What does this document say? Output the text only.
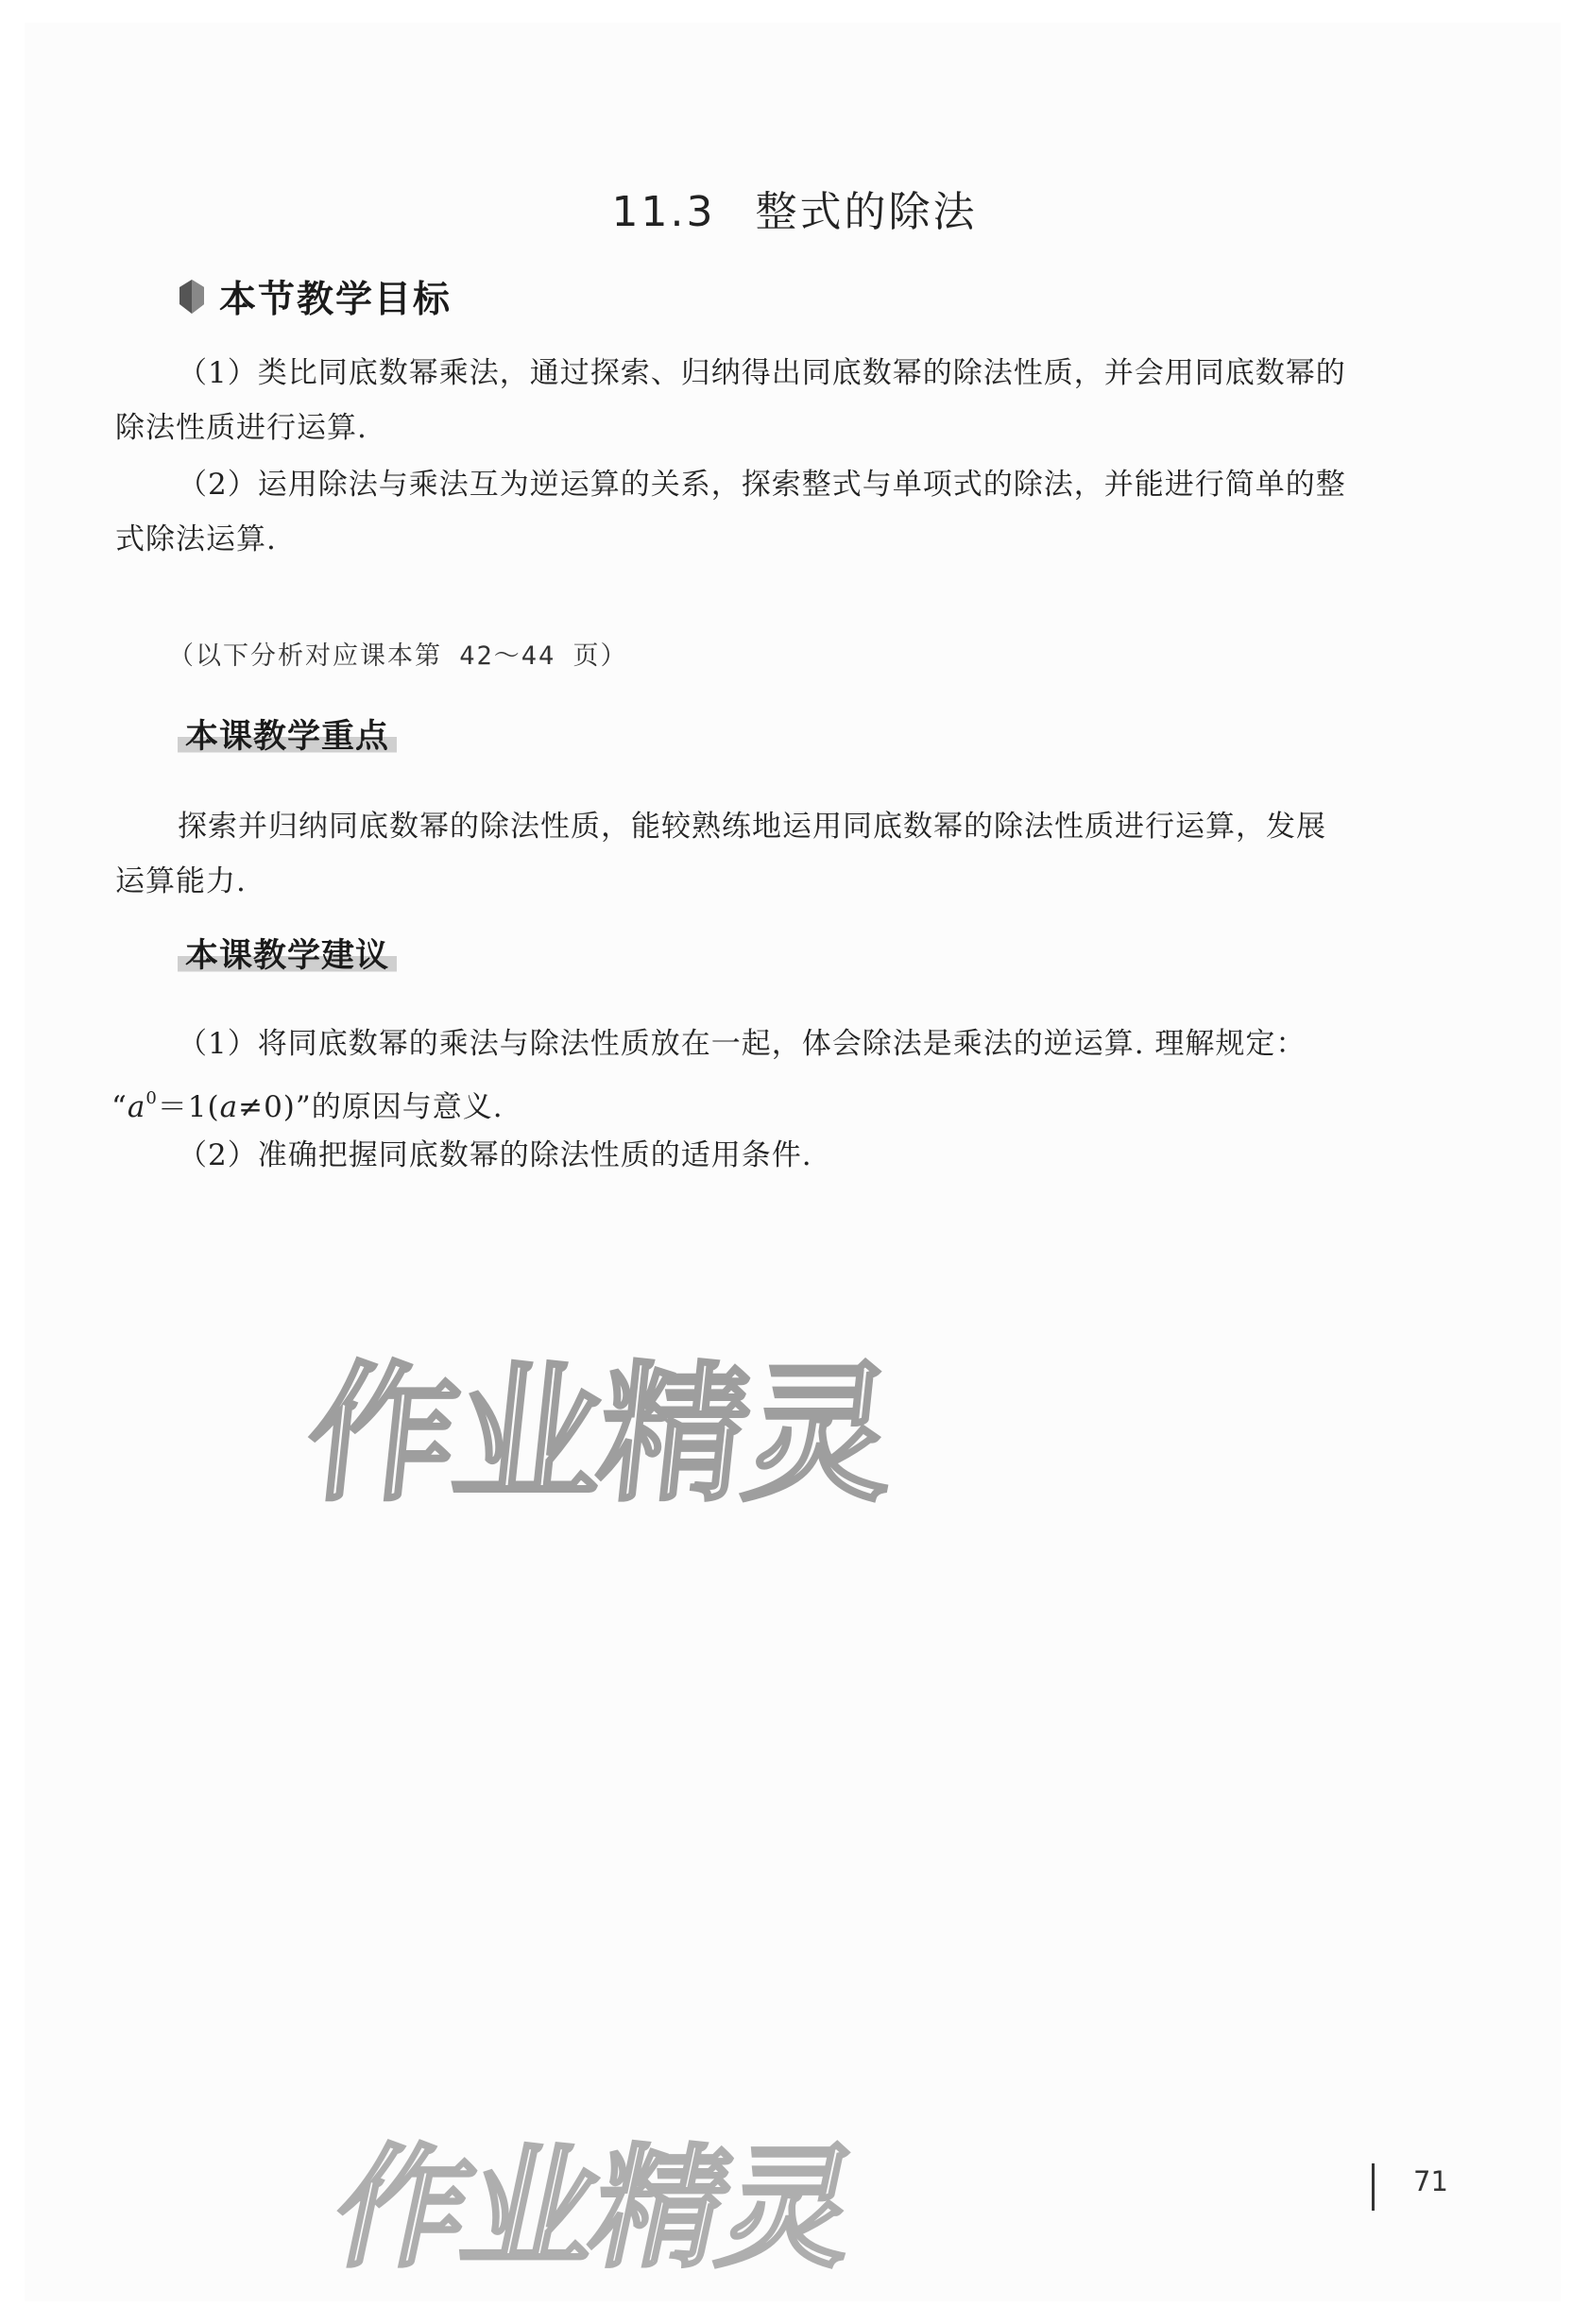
11.3 整式的除法
本节教学目标
（1）类比同底数幂乘法，通过探索、归纳得出同底数幂的除法性质，并会用同底数幂的
除法性质进行运算.
（2）运用除法与乘法互为逆运算的关系，探索整式与单项式的除法，并能进行简单的整
式除法运算.
（以下分析对应课本第 42～44 页）
本课教学重点
探索并归纳同底数幂的除法性质，能较熟练地运用同底数幂的除法性质进行运算，发展
运算能力.
本课教学建议
（1）将同底数幂的乘法与除法性质放在一起，体会除法是乘法的逆运算. 理解规定：
“$a^0=1(a\ne 0)$”的原因与意义.
（2）准确把握同底数幂的除法性质的适用条件.
作业精灵
作业精灵	71
